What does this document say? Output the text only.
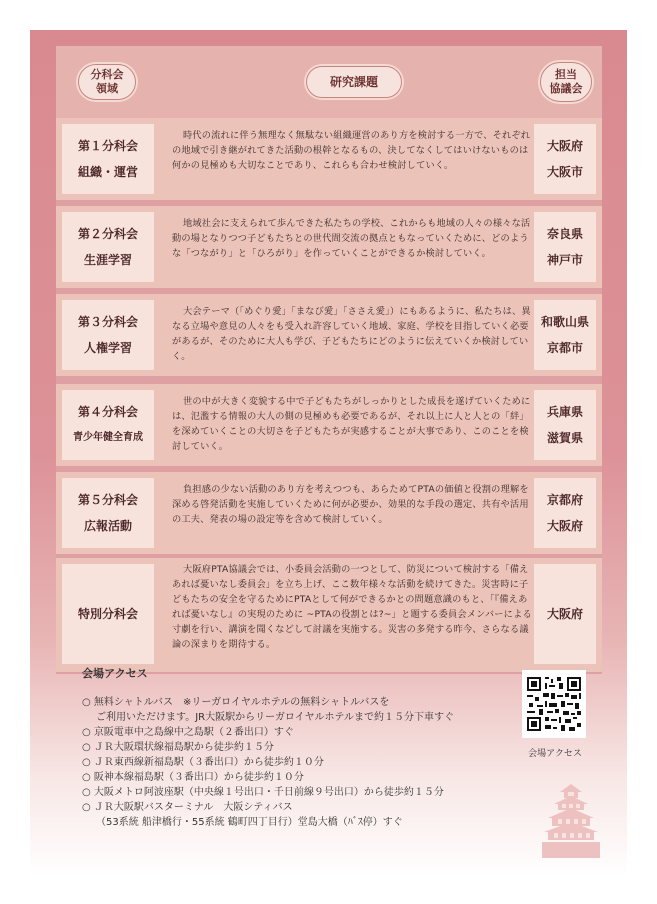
分科会
領域	研究課題
担当
協議会
第１分科会
組織・運営
時代の流れに伴う無理なく無駄ない組織運営のあり方を検討する一方で、それぞれの地域で引き継がれてきた活動の根幹となるもの、決してなくしてはいけないものは何かの見極めも大切なことであり、これらも合わせ検討していく。
大阪府
大阪市
第２分科会
生涯学習
地域社会に支えられて歩んできた私たちの学校、これからも地域の人々の様々な活動の場となりつつ子どもたちとの世代間交流の拠点ともなっていくために、どのような「つながり」と「ひろがり」を作っていくことができるか検討していく。
奈良県
神戸市
第３分科会
人権学習
大会テーマ（「めぐり愛」「まなび愛」「ささえ愛」）にもあるように、私たちは、異なる立場や意見の人々をも受入れ許容していく地域、家庭、学校を目指していく必要があるが、そのために大人も学び、子どもたちにどのように伝えていくか検討していく。
和歌山県
京都市
第４分科会
青少年健全育成
世の中が大きく変貌する中で子どもたちがしっかりとした成長を遂げていくためには、氾濫する情報の大人の側の見極めも必要であるが、それ以上に人と人との「絆」を深めていくことの大切さを子どもたちが実感することが大事であり、このことを検討していく。
兵庫県
滋賀県
第５分科会
広報活動
負担感の少ない活動のあり方を考えつつも、あらためてPTAの価値と役割の理解を深める啓発活動を実施していくために何が必要か、効果的な手段の選定、共有や活用の工夫、発表の場の設定等を含めて検討していく。
京都府
大阪府
特別分科会
大阪府PTA協議会では、小委員会活動の一つとして、防災について検討する「備えあれば憂いなし委員会」を立ち上げ、ここ数年様々な活動を続けてきた。災害時に子どもたちの安全を守るためにPTAとして何ができるかとの問題意識のもと、「『備えあれば憂いなし』の実現のために ~PTAの役割とは?~」と題する委員会メンバーによる寸劇を行い、講演を聞くなどして討議を実施する。災害の多発する昨今、さらなる議論の深まりを期待する。
大阪府
会場アクセス
○ 無料シャトルバス　※リーガロイヤルホテルの無料シャトルバスを
ご利用いただけます。JR大阪駅からリーガロイヤルホテルまで約１５分下車すぐ
○ 京阪電車中之島線中之島駅（２番出口）すぐ
○ ＪＲ大阪環状線福島駅から徒歩約１５分
○ ＪＲ東西線新福島駅（３番出口）から徒歩約１０分
○ 阪神本線福島駅（３番出口）から徒歩約１０分
○ 大阪メトロ阿波座駅（中央線１号出口・千日前線９号出口）から徒歩約１５分
○ ＪＲ大阪駅バスターミナル　大阪シティバス
（53系統 船津橋行・55系統 鶴町四丁目行）堂島大橋（ﾊﾞｽ停）すぐ
会場アクセス
